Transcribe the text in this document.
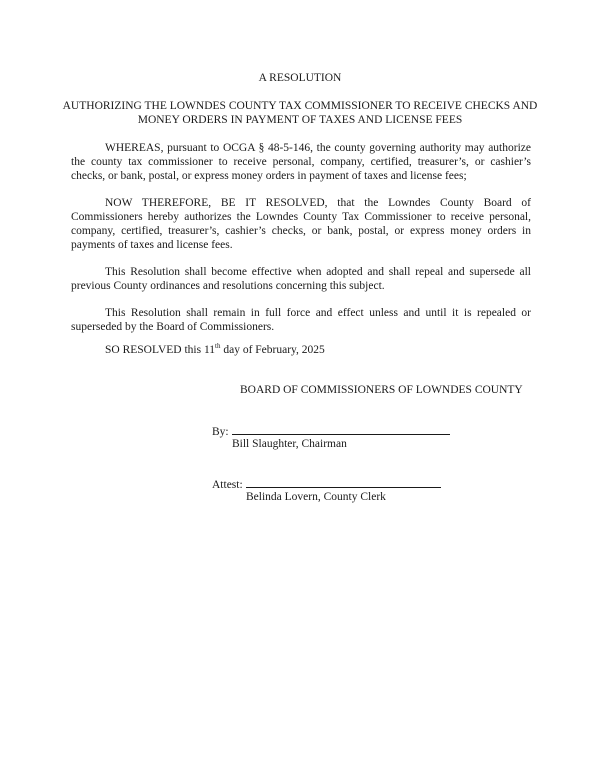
A RESOLUTION
AUTHORIZING THE LOWNDES COUNTY TAX COMMISSIONER TO RECEIVE CHECKS AND MONEY ORDERS IN PAYMENT OF TAXES AND LICENSE FEES

WHEREAS, pursuant to OCGA § 48-5-146, the county governing authority may authorize the county tax commissioner to receive personal, company, certified, treasurer’s, or cashier’s checks, or bank, postal, or express money orders in payment of taxes and license fees;

NOW THEREFORE, BE IT RESOLVED, that the Lowndes County Board of Commissioners hereby authorizes the Lowndes County Tax Commissioner to receive personal, company, certified, treasurer’s, cashier’s checks, or bank, postal, or express money orders in payments of taxes and license fees.

This Resolution shall become effective when adopted and shall repeal and supersede all previous County ordinances and resolutions concerning this subject.

This Resolution shall remain in full force and effect unless and until it is repealed or superseded by the Board of Commissioners.

SO RESOLVED this 11th day of February, 2025
BOARD OF COMMISSIONERS OF LOWNDES COUNTY
By:
Bill Slaughter, Chairman
Attest:
Belinda Lovern, County Clerk
